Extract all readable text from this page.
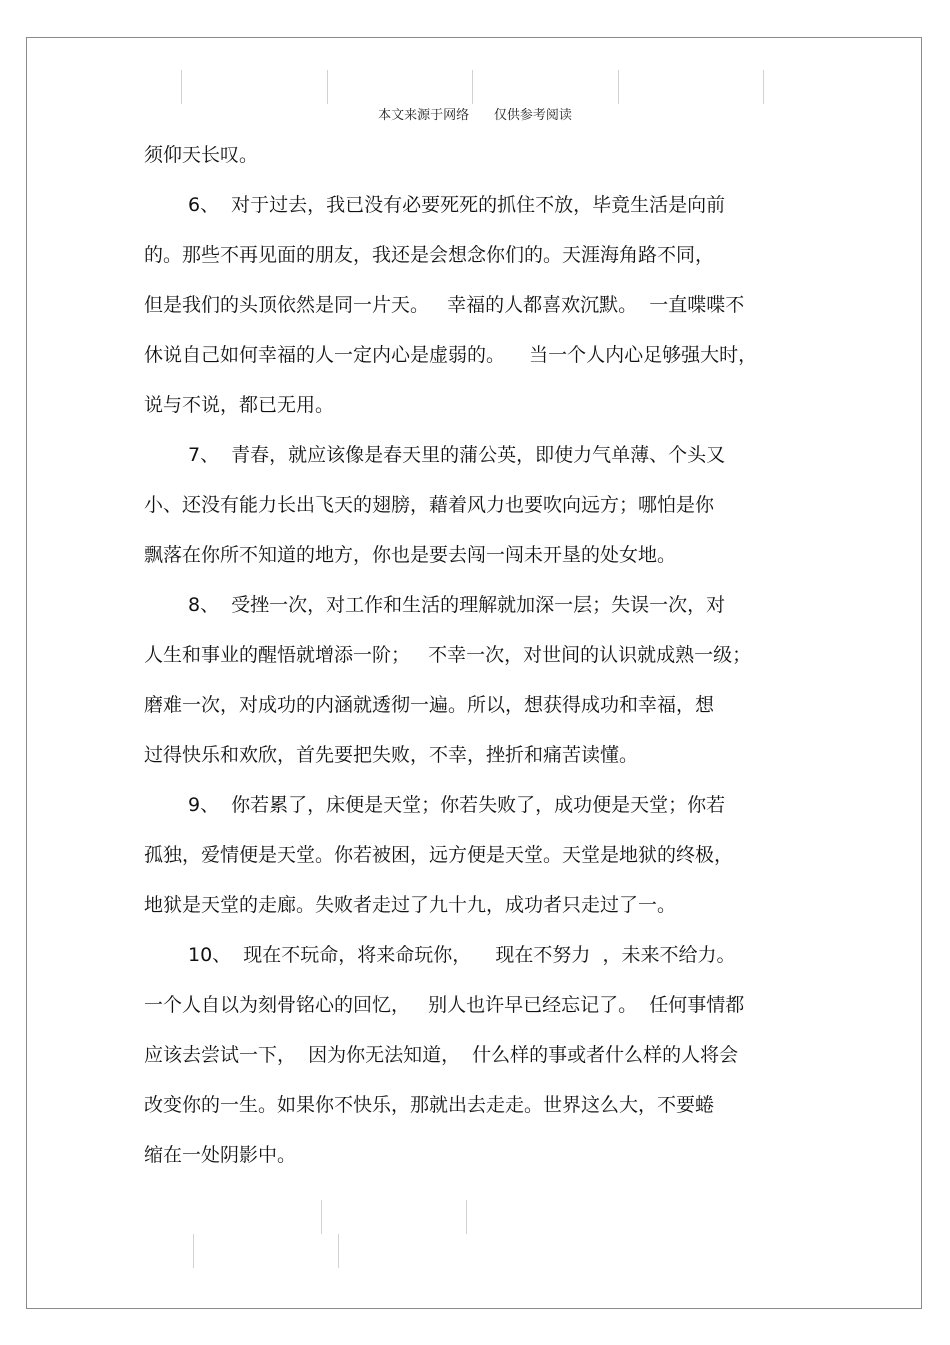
本文来源于网络      仅供参考阅读
须仰天长叹。
6、  对于过去，我已没有必要死死的抓住不放，毕竟生活是向前
的。那些不再见面的朋友，我还是会想念你们的。天涯海角路不同，
但是我们的头顶依然是同一片天。   幸福的人都喜欢沉默。  一直喋喋不
休说自己如何幸福的人一定内心是虚弱的。    当一个人内心足够强大时，
说与不说，都已无用。
7、  青春，就应该像是春天里的蒲公英，即使力气单薄、个头又
小、还没有能力长出飞天的翅膀，藉着风力也要吹向远方；哪怕是你
飘落在你所不知道的地方，你也是要去闯一闯未开垦的处女地。
8、  受挫一次，对工作和生活的理解就加深一层；失误一次，对
人生和事业的醒悟就增添一阶；   不幸一次，对世间的认识就成熟一级；
磨难一次，对成功的内涵就透彻一遍。所以，想获得成功和幸福，想
过得快乐和欢欣，首先要把失败，不幸，挫折和痛苦读懂。
9、  你若累了，床便是天堂；你若失败了，成功便是天堂；你若
孤独，爱情便是天堂。你若被困，远方便是天堂。天堂是地狱的终极，
地狱是天堂的走廊。失败者走过了九十九，成功者只走过了一。
10、  现在不玩命，将来命玩你，    现在不努力  ，未来不给力。
一个人自以为刻骨铭心的回忆，   别人也许早已经忘记了。  任何事情都
应该去尝试一下，  因为你无法知道，  什么样的事或者什么样的人将会
改变你的一生。如果你不快乐，那就出去走走。世界这么大，不要蜷
缩在一处阴影中。
